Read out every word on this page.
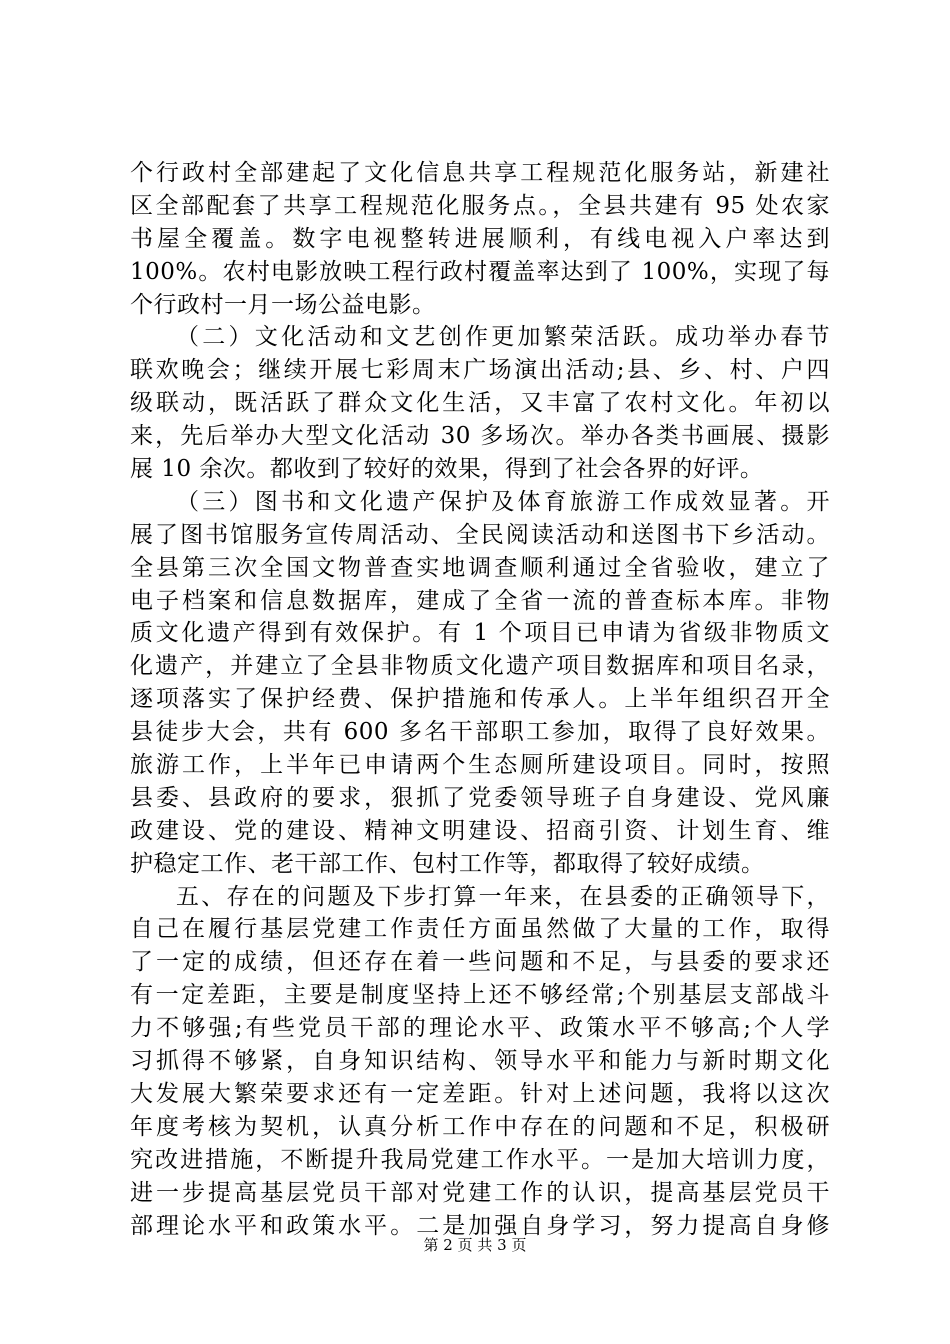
个行政村全部建起了文化信息共享工程规范化服务站，新建社
区全部配套了共享工程规范化服务点。，全县共建有 95 处农家
书屋全覆盖。数字电视整转进展顺利，有线电视入户率达到
100%。农村电影放映工程行政村覆盖率达到了 100%，实现了每
个行政村一月一场公益电影。
（二）文化活动和文艺创作更加繁荣活跃。成功举办春节
联欢晚会；继续开展七彩周末广场演出活动;县、乡、村、户四
级联动，既活跃了群众文化生活，又丰富了农村文化。年初以
来，先后举办大型文化活动 30 多场次。举办各类书画展、摄影
展 10 余次。都收到了较好的效果，得到了社会各界的好评。
（三）图书和文化遗产保护及体育旅游工作成效显著。开
展了图书馆服务宣传周活动、全民阅读活动和送图书下乡活动。
全县第三次全国文物普查实地调查顺利通过全省验收，建立了
电子档案和信息数据库，建成了全省一流的普查标本库。非物
质文化遗产得到有效保护。有 1 个项目已申请为省级非物质文
化遗产，并建立了全县非物质文化遗产项目数据库和项目名录，
逐项落实了保护经费、保护措施和传承人。上半年组织召开全
县徒步大会，共有 600 多名干部职工参加，取得了良好效果。
旅游工作，上半年已申请两个生态厕所建设项目。同时，按照
县委、县政府的要求，狠抓了党委领导班子自身建设、党风廉
政建设、党的建设、精神文明建设、招商引资、计划生育、维
护稳定工作、老干部工作、包村工作等，都取得了较好成绩。
五、存在的问题及下步打算一年来，在县委的正确领导下，
自己在履行基层党建工作责任方面虽然做了大量的工作，取得
了一定的成绩，但还存在着一些问题和不足，与县委的要求还
有一定差距，主要是制度坚持上还不够经常;个别基层支部战斗
力不够强;有些党员干部的理论水平、政策水平不够高;个人学
习抓得不够紧，自身知识结构、领导水平和能力与新时期文化
大发展大繁荣要求还有一定差距。针对上述问题，我将以这次
年度考核为契机，认真分析工作中存在的问题和不足，积极研
究改进措施，不断提升我局党建工作水平。一是加大培训力度，
进一步提高基层党员干部对党建工作的认识，提高基层党员干
部理论水平和政策水平。二是加强自身学习，努力提高自身修
第 2 页 共 3 页
